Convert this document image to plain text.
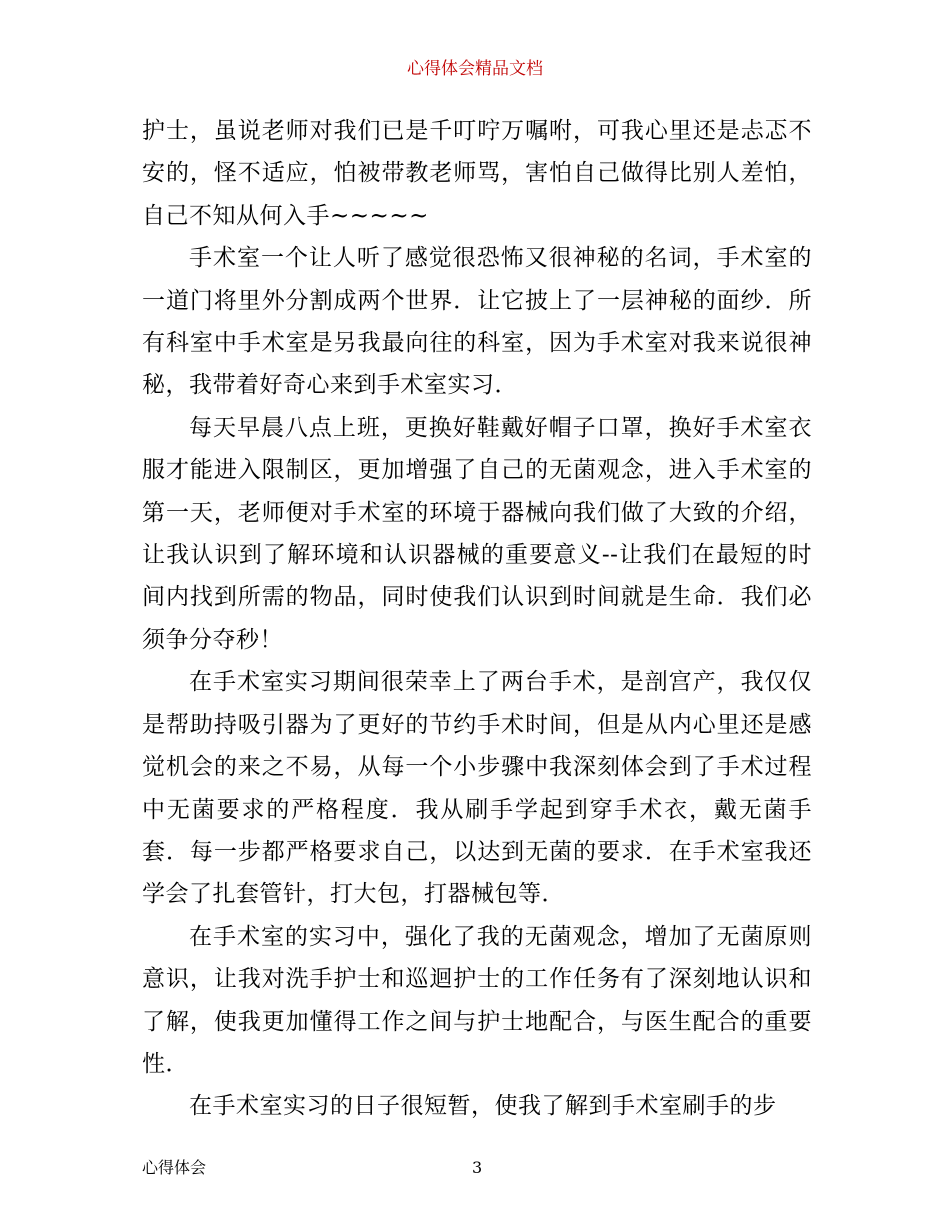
心得体会精品文档

护士，虽说老师对我们已是千叮咛万嘱咐，可我心里还是忐忑不安的，怪不适应，怕被带教老师骂，害怕自己做得比别人差怕，自己不知从何入手~~~~~

手术室一个让人听了感觉很恐怖又很神秘的名词，手术室的一道门将里外分割成两个世界．让它披上了一层神秘的面纱．所有科室中手术室是另我最向往的科室，因为手术室对我来说很神秘，我带着好奇心来到手术室实习．

每天早晨八点上班，更换好鞋戴好帽子口罩，换好手术室衣服才能进入限制区，更加增强了自己的无菌观念，进入手术室的第一天，老师便对手术室的环境于器械向我们做了大致的介绍，让我认识到了解环境和认识器械的重要意义--让我们在最短的时间内找到所需的物品，同时使我们认识到时间就是生命．我们必须争分夺秒！

在手术室实习期间很荣幸上了两台手术，是剖宫产，我仅仅是帮助持吸引器为了更好的节约手术时间，但是从内心里还是感觉机会的来之不易，从每一个小步骤中我深刻体会到了手术过程中无菌要求的严格程度．我从刷手学起到穿手术衣，戴无菌手套．每一步都严格要求自己，以达到无菌的要求．在手术室我还学会了扎套管针，打大包，打器械包等．

在手术室的实习中，强化了我的无菌观念，增加了无菌原则意识，让我对洗手护士和巡迴护士的工作任务有了深刻地认识和了解，使我更加懂得工作之间与护士地配合，与医生配合的重要性．

在手术室实习的日子很短暂，使我了解到手术室刷手的步

心得体会	3
